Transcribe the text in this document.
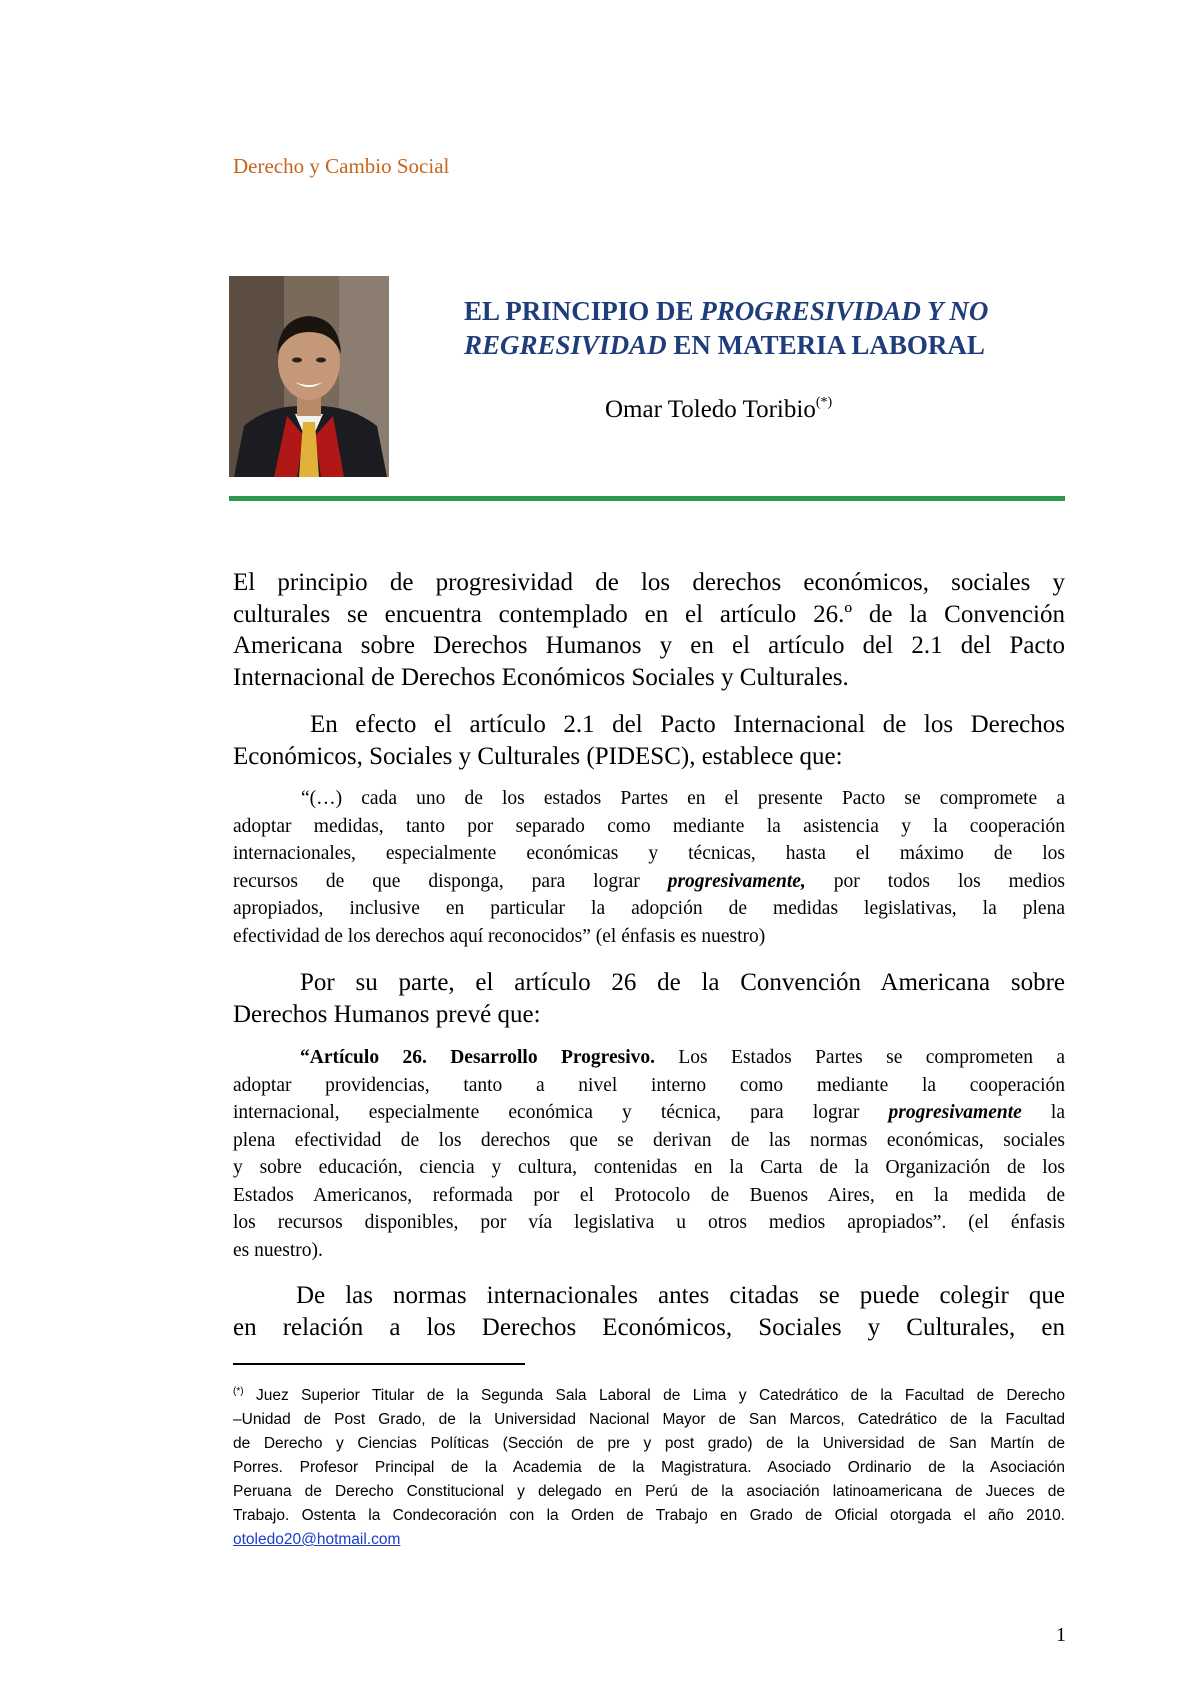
Derecho y Cambio Social
EL PRINCIPIO DE PROGRESIVIDAD Y NO
REGRESIVIDAD EN MATERIA LABORAL
Omar Toledo Toribio(*)
El principio de progresividad de los derechos económicos, sociales y
culturales se encuentra contemplado en el artículo 26.º de la Convención
Americana sobre Derechos Humanos y en el artículo del 2.1 del Pacto
Internacional de Derechos Económicos Sociales y Culturales.
En efecto el artículo 2.1 del Pacto Internacional de los Derechos
Económicos, Sociales y Culturales (PIDESC), establece que:
“(…) cada uno de los estados Partes en el presente Pacto se compromete a
adoptar medidas, tanto por separado como mediante la asistencia y la cooperación
internacionales, especialmente económicas y técnicas, hasta el máximo de los
recursos de que disponga, para lograr progresivamente, por todos los medios
apropiados, inclusive en particular la adopción de medidas legislativas, la plena
efectividad de los derechos aquí reconocidos” (el énfasis es nuestro)
Por su parte, el artículo 26 de la Convención Americana sobre
Derechos Humanos prevé que:
“Artículo 26. Desarrollo Progresivo. Los Estados Partes se comprometen a
adoptar providencias, tanto a nivel interno como mediante la cooperación
internacional, especialmente económica y técnica, para lograr progresivamente la
plena efectividad de los derechos que se derivan de las normas económicas, sociales
y sobre educación, ciencia y cultura, contenidas en la Carta de la Organización de los
Estados Americanos, reformada por el Protocolo de Buenos Aires, en la medida de
los recursos disponibles, por vía legislativa u otros medios apropiados”. (el énfasis
es nuestro).
De las normas internacionales antes citadas se puede colegir que
en relación a los Derechos Económicos, Sociales y Culturales, en
(*) Juez Superior Titular de la Segunda Sala Laboral de Lima y Catedrático de la Facultad de Derecho
–Unidad de Post Grado, de la Universidad Nacional Mayor de San Marcos, Catedrático de la Facultad
de Derecho y Ciencias Políticas (Sección de pre y post grado) de la Universidad de San Martín de
Porres. Profesor Principal de la Academia de la Magistratura. Asociado Ordinario de la Asociación
Peruana de Derecho Constitucional y delegado en Perú de la asociación latinoamericana de Jueces de
Trabajo. Ostenta la Condecoración con la Orden de Trabajo en Grado de Oficial otorgada el año 2010.
otoledo20@hotmail.com
1
